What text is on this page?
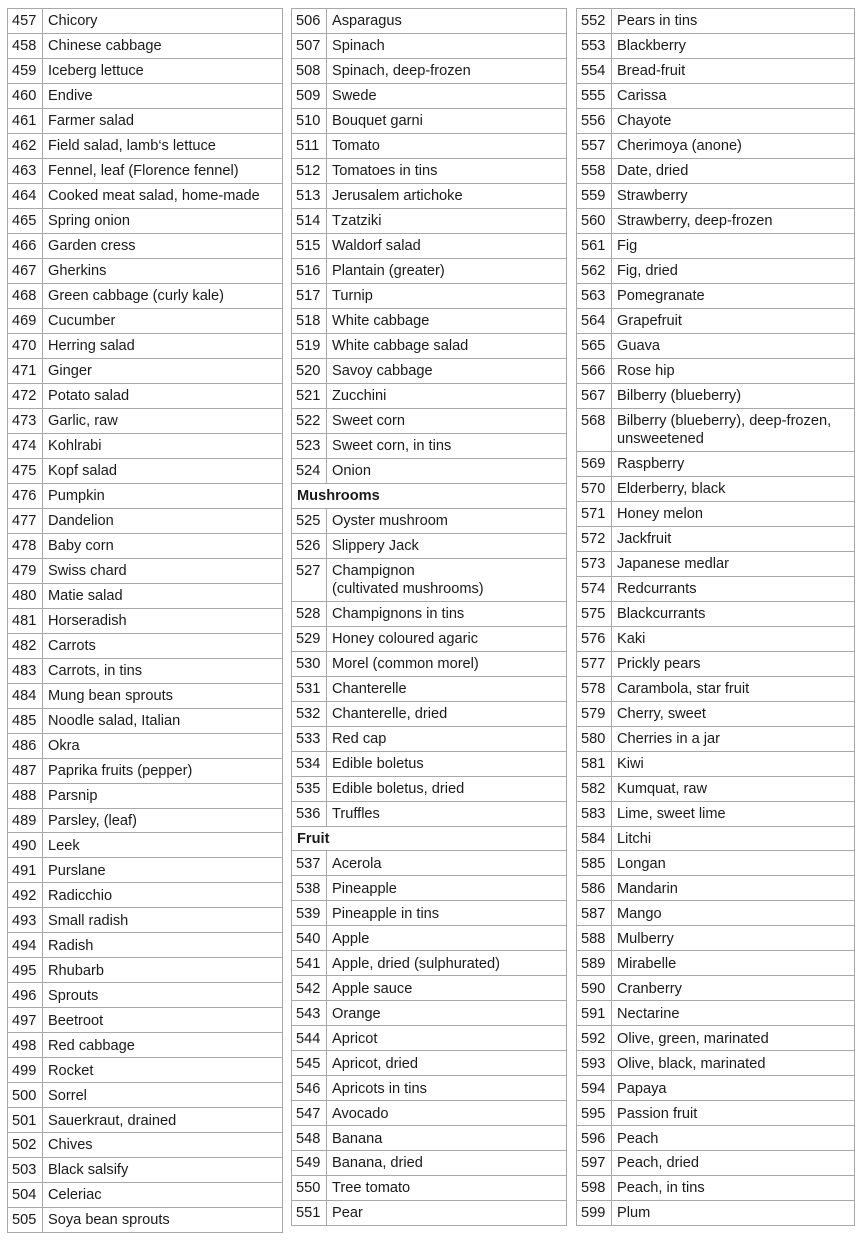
457	Chicory
458	Chinese cabbage
459	Iceberg lettuce
460	Endive
461	Farmer salad
462	Field salad, lamb‘s lettuce
463	Fennel, leaf (Florence fennel)
464	Cooked meat salad, home-made
465	Spring onion
466	Garden cress
467	Gherkins
468	Green cabbage (curly kale)
469	Cucumber
470	Herring salad
471	Ginger
472	Potato salad
473	Garlic, raw
474	Kohlrabi
475	Kopf salad
476	Pumpkin
477	Dandelion
478	Baby corn
479	Swiss chard
480	Matie salad
481	Horseradish
482	Carrots
483	Carrots, in tins
484	Mung bean sprouts
485	Noodle salad, Italian
486	Okra
487	Paprika fruits (pepper)
488	Parsnip
489	Parsley, (leaf)
490	Leek
491	Purslane
492	Radicchio
493	Small radish
494	Radish
495	Rhubarb
496	Sprouts
497	Beetroot
498	Red cabbage
499	Rocket
500	Sorrel
501	Sauerkraut, drained
502	Chives
503	Black salsify
504	Celeriac
505	Soya bean sprouts
506	Asparagus
507	Spinach
508	Spinach, deep-frozen
509	Swede
510	Bouquet garni
511	Tomato
512	Tomatoes in tins
513	Jerusalem artichoke
514	Tzatziki
515	Waldorf salad
516	Plantain (greater)
517	Turnip
518	White cabbage
519	White cabbage salad
520	Savoy cabbage
521	Zucchini
522	Sweet corn
523	Sweet corn, in tins
524	Onion
Mushrooms	
525	Oyster mushroom
526	Slippery Jack
527	Champignon
(cultivated mushrooms)
528	Champignons in tins
529	Honey coloured agaric
530	Morel (common morel)
531	Chanterelle
532	Chanterelle, dried
533	Red cap
534	Edible boletus
535	Edible boletus, dried
536	Truffles
Fruit	
537	Acerola
538	Pineapple
539	Pineapple in tins
540	Apple
541	Apple, dried (sulphurated)
542	Apple sauce
543	Orange
544	Apricot
545	Apricot, dried
546	Apricots in tins
547	Avocado
548	Banana
549	Banana, dried
550	Tree tomato
551	Pear
552	Pears in tins
553	Blackberry
554	Bread-fruit
555	Carissa
556	Chayote
557	Cherimoya (anone)
558	Date, dried
559	Strawberry
560	Strawberry, deep-frozen
561	Fig
562	Fig, dried
563	Pomegranate
564	Grapefruit
565	Guava
566	Rose hip
567	Bilberry (blueberry)
568	Bilberry (blueberry), deep-frozen,
unsweetened
569	Raspberry
570	Elderberry, black
571	Honey melon
572	Jackfruit
573	Japanese medlar
574	Redcurrants
575	Blackcurrants
576	Kaki
577	Prickly pears
578	Carambola, star fruit
579	Cherry, sweet
580	Cherries in a jar
581	Kiwi
582	Kumquat, raw
583	Lime, sweet lime
584	Litchi
585	Longan
586	Mandarin
587	Mango
588	Mulberry
589	Mirabelle
590	Cranberry
591	Nectarine
592	Olive, green, marinated
593	Olive, black, marinated
594	Papaya
595	Passion fruit
596	Peach
597	Peach, dried
598	Peach, in tins
599	Plum
